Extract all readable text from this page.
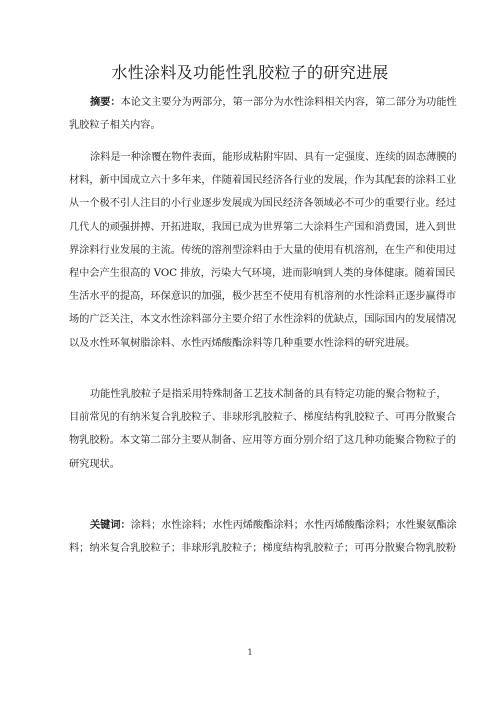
水性涂料及功能性乳胶粒子的研究进展
摘要：本论文主要分为两部分，第一部分为水性涂料相关内容，第二部分为功能性
乳胶粒子相关内容。
涂料是一种涂覆在物件表面，能形成粘附牢固、具有一定强度、连续的固态薄膜的
材料，新中国成立六十多年来，伴随着国民经济各行业的发展，作为其配套的涂料工业
从一个极不引人注目的小行业逐步发展成为国民经济各领域必不可少的重要行业。经过
几代人的顽强拼搏、开拓进取，我国已成为世界第二大涂料生产国和消费国，进入到世
界涂料行业发展的主流。传统的溶剂型涂料由于大量的使用有机溶剂，在生产和使用过
程中会产生很高的 VOC 排放，污染大气环境，进而影响到人类的身体健康。随着国民
生活水平的提高，环保意识的加强，极少甚至不使用有机溶剂的水性涂料正逐步赢得市
场的广泛关注，本文水性涂料部分主要介绍了水性涂料的优缺点，国际国内的发展情况
以及水性环氧树脂涂料、水性丙烯酸酯涂料等几种重要水性涂料的研究进展。
功能性乳胶粒子是指采用特殊制备工艺技术制备的具有特定功能的聚合物粒子，
目前常见的有纳米复合乳胶粒子、非球形乳胶粒子、梯度结构乳胶粒子、可再分散聚合
物乳胶粉。本文第二部分主要从制备、应用等方面分别介绍了这几种功能聚合物粒子的
研究现状。
关键词：涂料；水性涂料；水性丙烯酸酯涂料；水性丙烯酸酯涂料；水性聚氨酯涂
料；纳米复合乳胶粒子；非球形乳胶粒子；梯度结构乳胶粒子；可再分散聚合物乳胶粉
1
